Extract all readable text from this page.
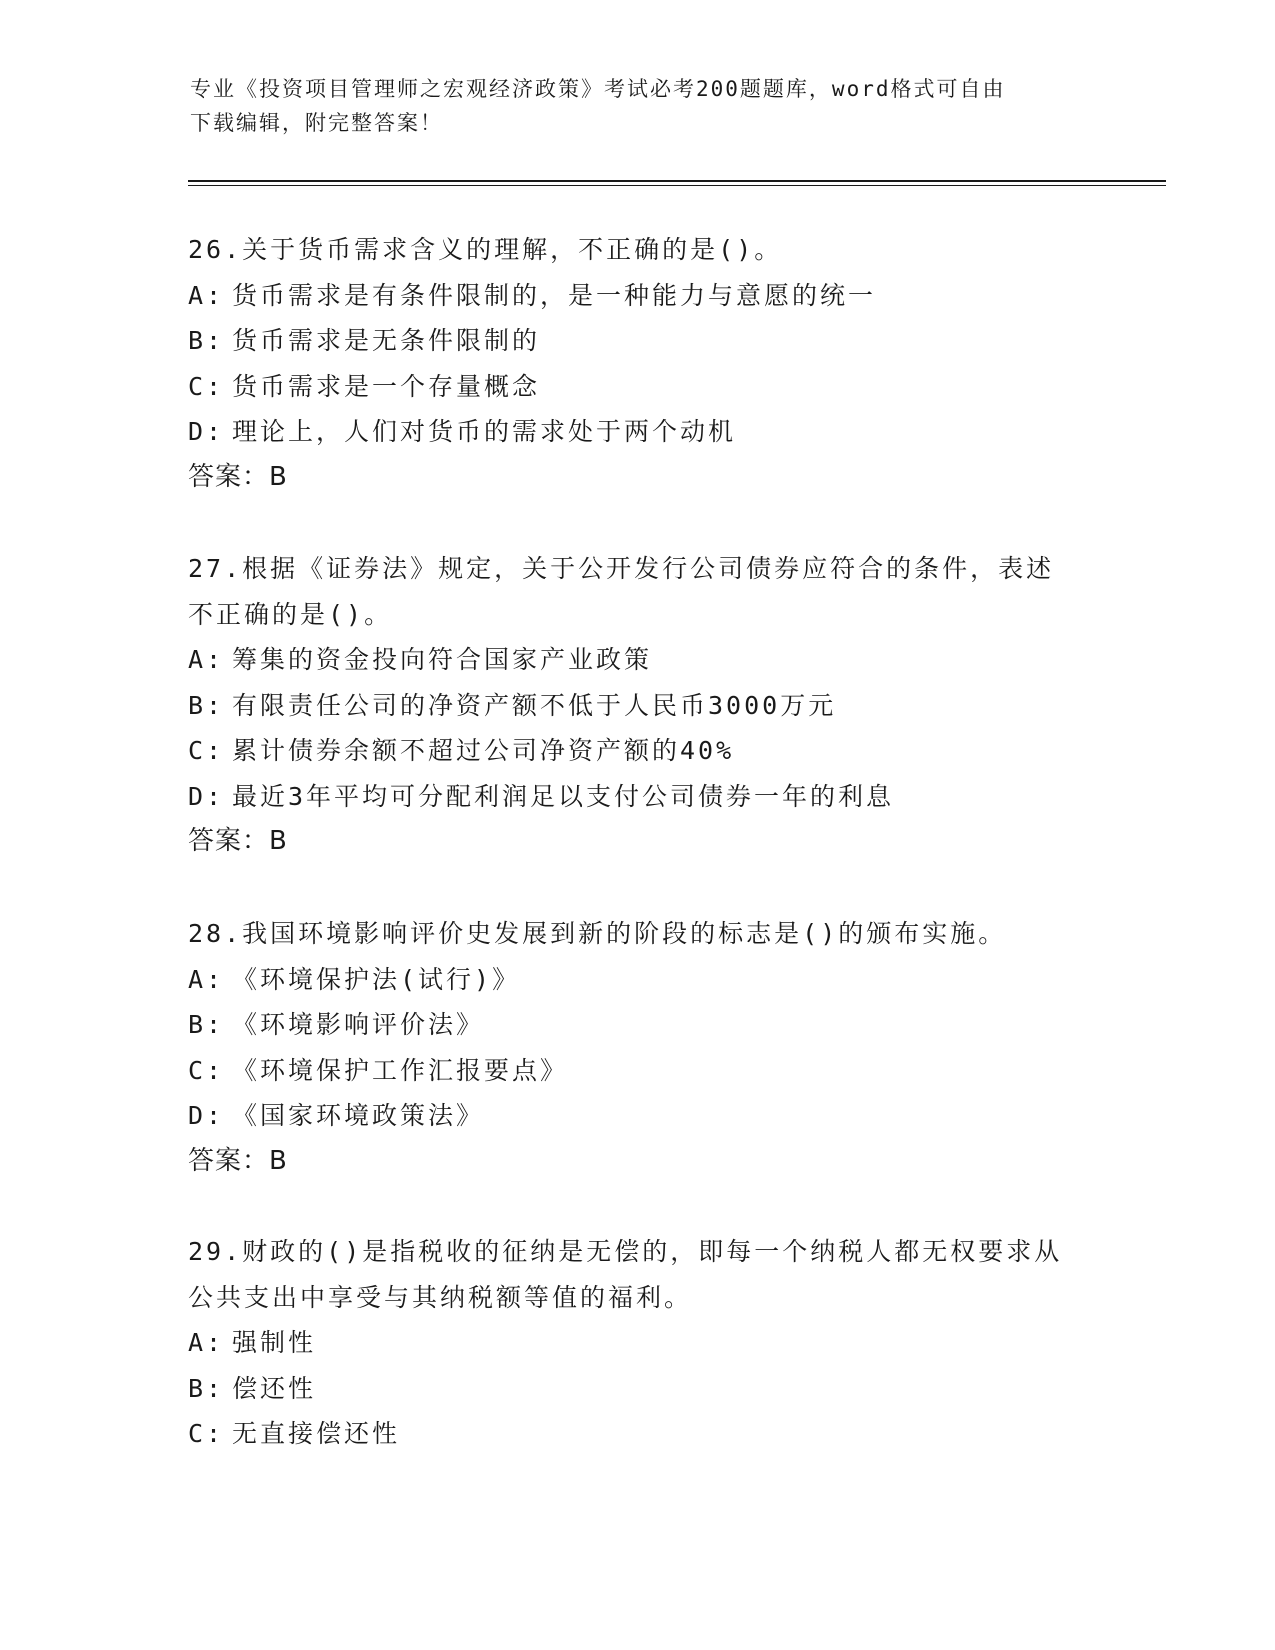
专业《投资项目管理师之宏观经济政策》考试必考200题题库，word格式可自由
下载编辑，附完整答案！

26.关于货币需求含义的理解，不正确的是()。

A: 货币需求是有条件限制的，是一种能力与意愿的统一

B: 货币需求是无条件限制的

C: 货币需求是一个存量概念

D: 理论上，人们对货币的需求处于两个动机

答案：B

27.根据《证券法》规定，关于公开发行公司债券应符合的条件，表述

不正确的是()。

A: 筹集的资金投向符合国家产业政策

B: 有限责任公司的净资产额不低于人民币3000万元

C: 累计债券余额不超过公司净资产额的40%

D: 最近3年平均可分配利润足以支付公司债券一年的利息

答案：B

28.我国环境影响评价史发展到新的阶段的标志是()的颁布实施。

A: 《环境保护法(试行)》

B: 《环境影响评价法》

C: 《环境保护工作汇报要点》

D: 《国家环境政策法》

答案：B

29.财政的()是指税收的征纳是无偿的，即每一个纳税人都无权要求从

公共支出中享受与其纳税额等值的福利。

A: 强制性

B: 偿还性

C: 无直接偿还性
